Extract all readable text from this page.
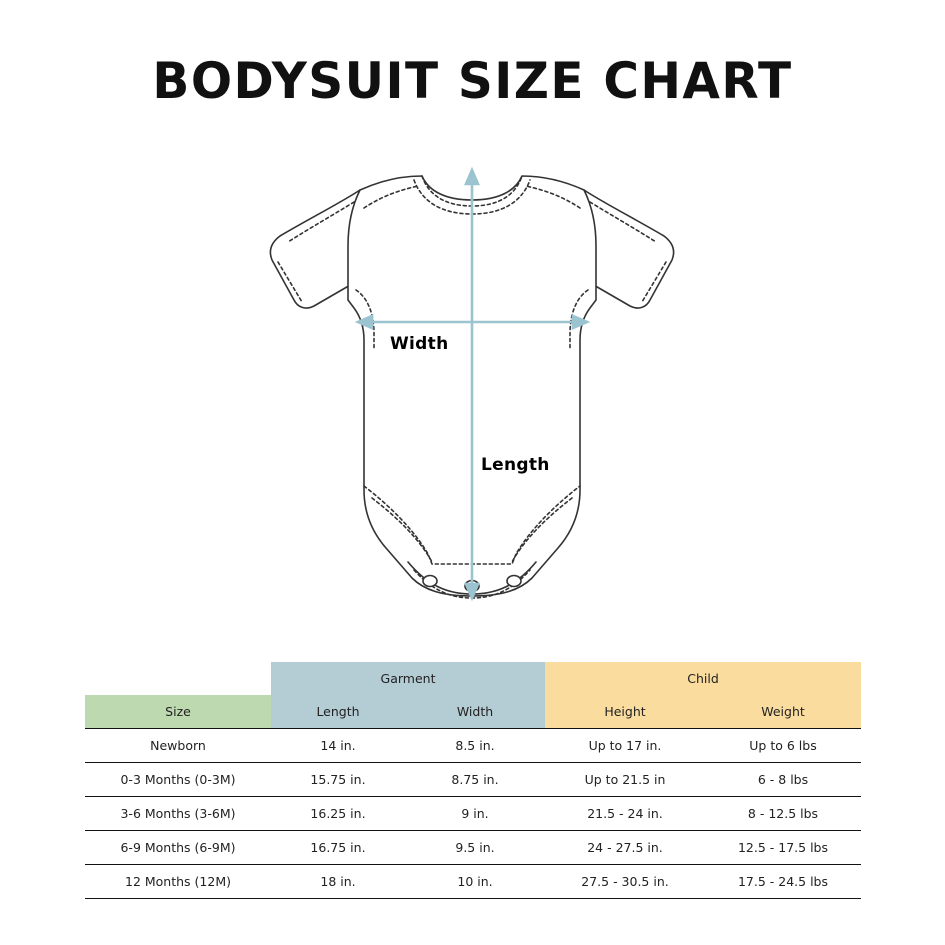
BODYSUIT SIZE CHART
Width
Length
	Garment		Child	
Size	Length	Width	Height	Weight
Newborn	14 in.	8.5 in.	Up to 17 in.	Up to 6 lbs
0-3 Months (0-3M)	15.75 in.	8.75 in.	Up to 21.5 in	6 - 8 lbs
3-6 Months (3-6M)	16.25 in.	9 in.	21.5 - 24 in.	8 - 12.5 lbs
6-9 Months (6-9M)	16.75 in.	9.5 in.	24 - 27.5 in.	12.5 - 17.5 lbs
12 Months (12M)	18 in.	10 in.	27.5 - 30.5 in.	17.5 - 24.5 lbs
